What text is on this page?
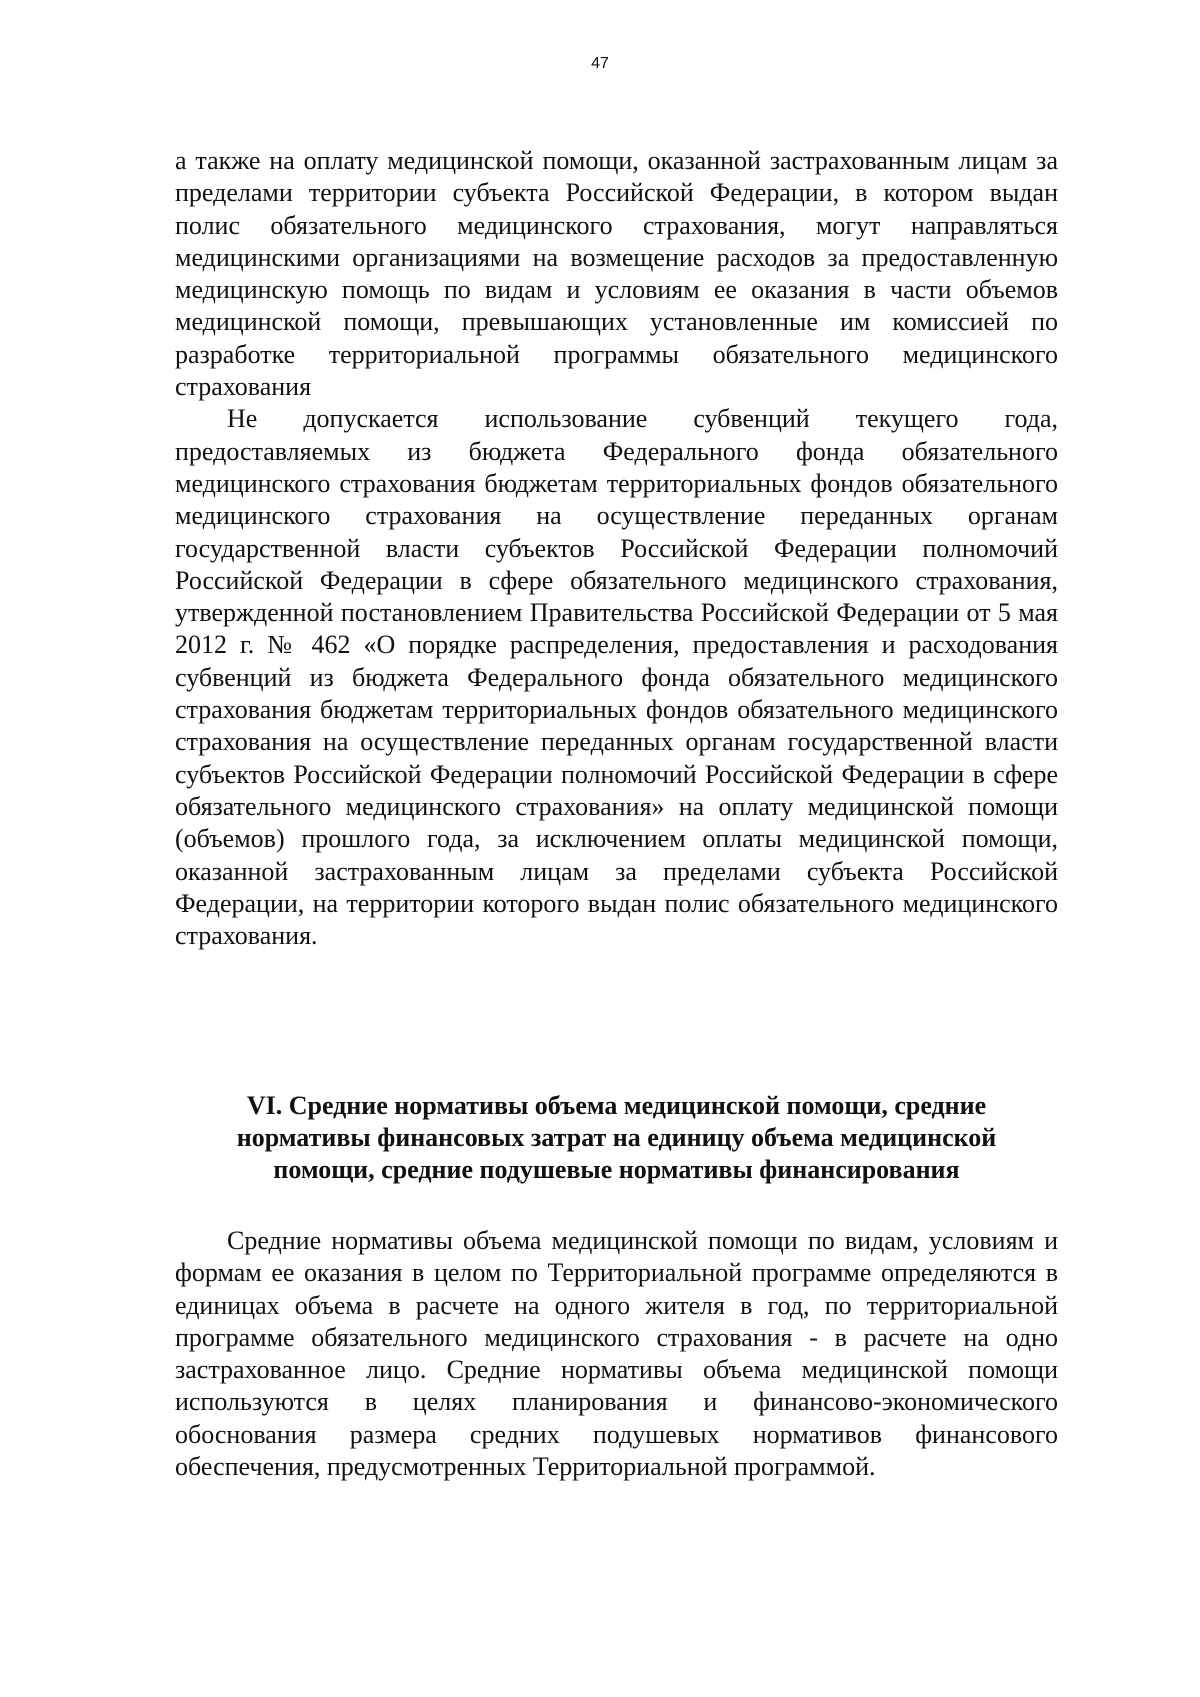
47

а также на оплату медицинской помощи, оказанной застрахованным лицам за пределами территории субъекта Российской Федерации, в котором выдан полис обязательного медицинского страхования, могут направляться медицинскими организациями на возмещение расходов за предоставленную медицинскую помощь по видам и условиям ее оказания в части объемов медицинской помощи, превышающих установленные им комиссией по разработке территориальной программы обязательного медицинского страхования

Не допускается использование субвенций текущего года, предоставляемых из бюджета Федерального фонда обязательного медицинского страхования бюджетам территориальных фондов обязательного медицинского страхования на осуществление переданных органам государственной власти субъектов Российской Федерации полномочий Российской Федерации в сфере обязательного медицинского страхования, утвержденной постановлением Правительства Российской Федерации от 5 мая 2012 г. № 462 «О порядке распределения, предоставления и расходования субвенций из бюджета Федерального фонда обязательного медицинского страхования бюджетам территориальных фондов обязательного медицинского страхования на осуществление переданных органам государственной власти субъектов Российской Федерации полномочий Российской Федерации в сфере обязательного медицинского страхования» на оплату медицинской помощи (объемов) прошлого года, за исключением оплаты медицинской помощи, оказанной застрахованным лицам за пределами субъекта Российской Федерации, на территории которого выдан полис обязательного медицинского страхования.

VI. Средние нормативы объема медицинской помощи, средние
нормативы финансовых затрат на единицу объема медицинской
помощи, средние подушевые нормативы финансирования

Средние нормативы объема медицинской помощи по видам, условиям и формам ее оказания в целом по Территориальной программе определяются в единицах объема в расчете на одного жителя в год, по территориальной программе обязательного медицинского страхования - в расчете на одно застрахованное лицо. Средние нормативы объема медицинской помощи используются в целях планирования и финансово-экономического обоснования размера средних подушевых нормативов финансового обеспечения, предусмотренных Территориальной программой.
